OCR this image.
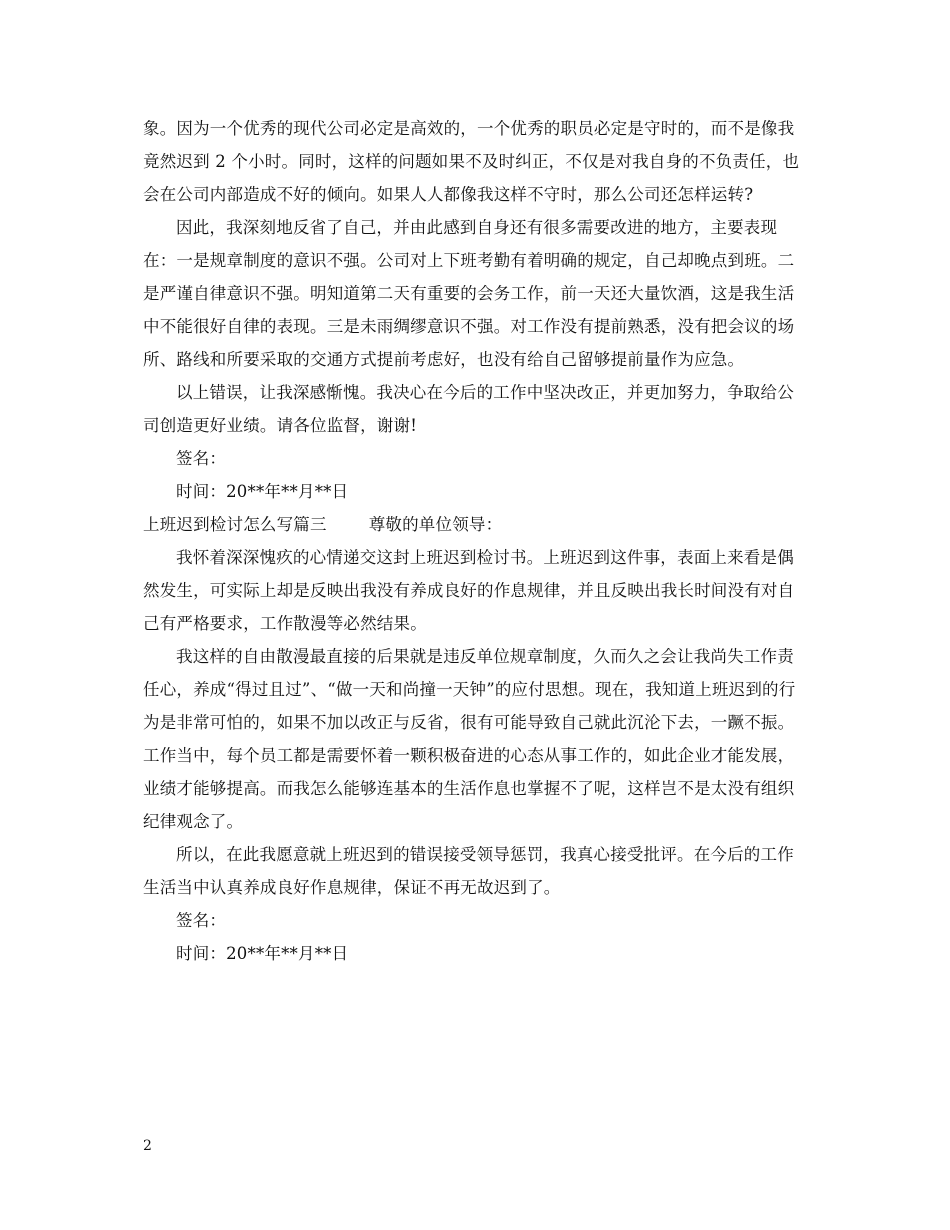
象。因为一个优秀的现代公司必定是高效的，一个优秀的职员必定是守时的，而不是像我竟然迟到 2 个小时。同时，这样的问题如果不及时纠正，不仅是对我自身的不负责任，也会在公司内部造成不好的倾向。如果人人都像我这样不守时，那么公司还怎样运转?

因此，我深刻地反省了自己，并由此感到自身还有很多需要改进的地方，主要表现在：一是规章制度的意识不强。公司对上下班考勤有着明确的规定，自己却晚点到班。二是严谨自律意识不强。明知道第二天有重要的会务工作，前一天还大量饮酒，这是我生活中不能很好自律的表现。三是未雨绸缪意识不强。对工作没有提前熟悉，没有把会议的场所、路线和所要采取的交通方式提前考虑好，也没有给自己留够提前量作为应急。

以上错误，让我深感惭愧。我决心在今后的工作中坚决改正，并更加努力，争取给公司创造更好业绩。请各位监督，谢谢!

签名：

时间：20**年**月**日

上班迟到检讨怎么写篇三	尊敬的单位领导：

我怀着深深愧疚的心情递交这封上班迟到检讨书。上班迟到这件事，表面上来看是偶然发生，可实际上却是反映出我没有养成良好的作息规律，并且反映出我长时间没有对自己有严格要求，工作散漫等必然结果。

我这样的自由散漫最直接的后果就是违反单位规章制度，久而久之会让我尚失工作责任心，养成“得过且过”、“做一天和尚撞一天钟”的应付思想。现在，我知道上班迟到的行为是非常可怕的，如果不加以改正与反省，很有可能导致自己就此沉沦下去，一蹶不振。工作当中，每个员工都是需要怀着一颗积极奋进的心态从事工作的，如此企业才能发展，业绩才能够提高。而我怎么能够连基本的生活作息也掌握不了呢，这样岂不是太没有组织纪律观念了。

所以，在此我愿意就上班迟到的错误接受领导惩罚，我真心接受批评。在今后的工作生活当中认真养成良好作息规律，保证不再无故迟到了。

签名：

时间：20**年**月**日

2
